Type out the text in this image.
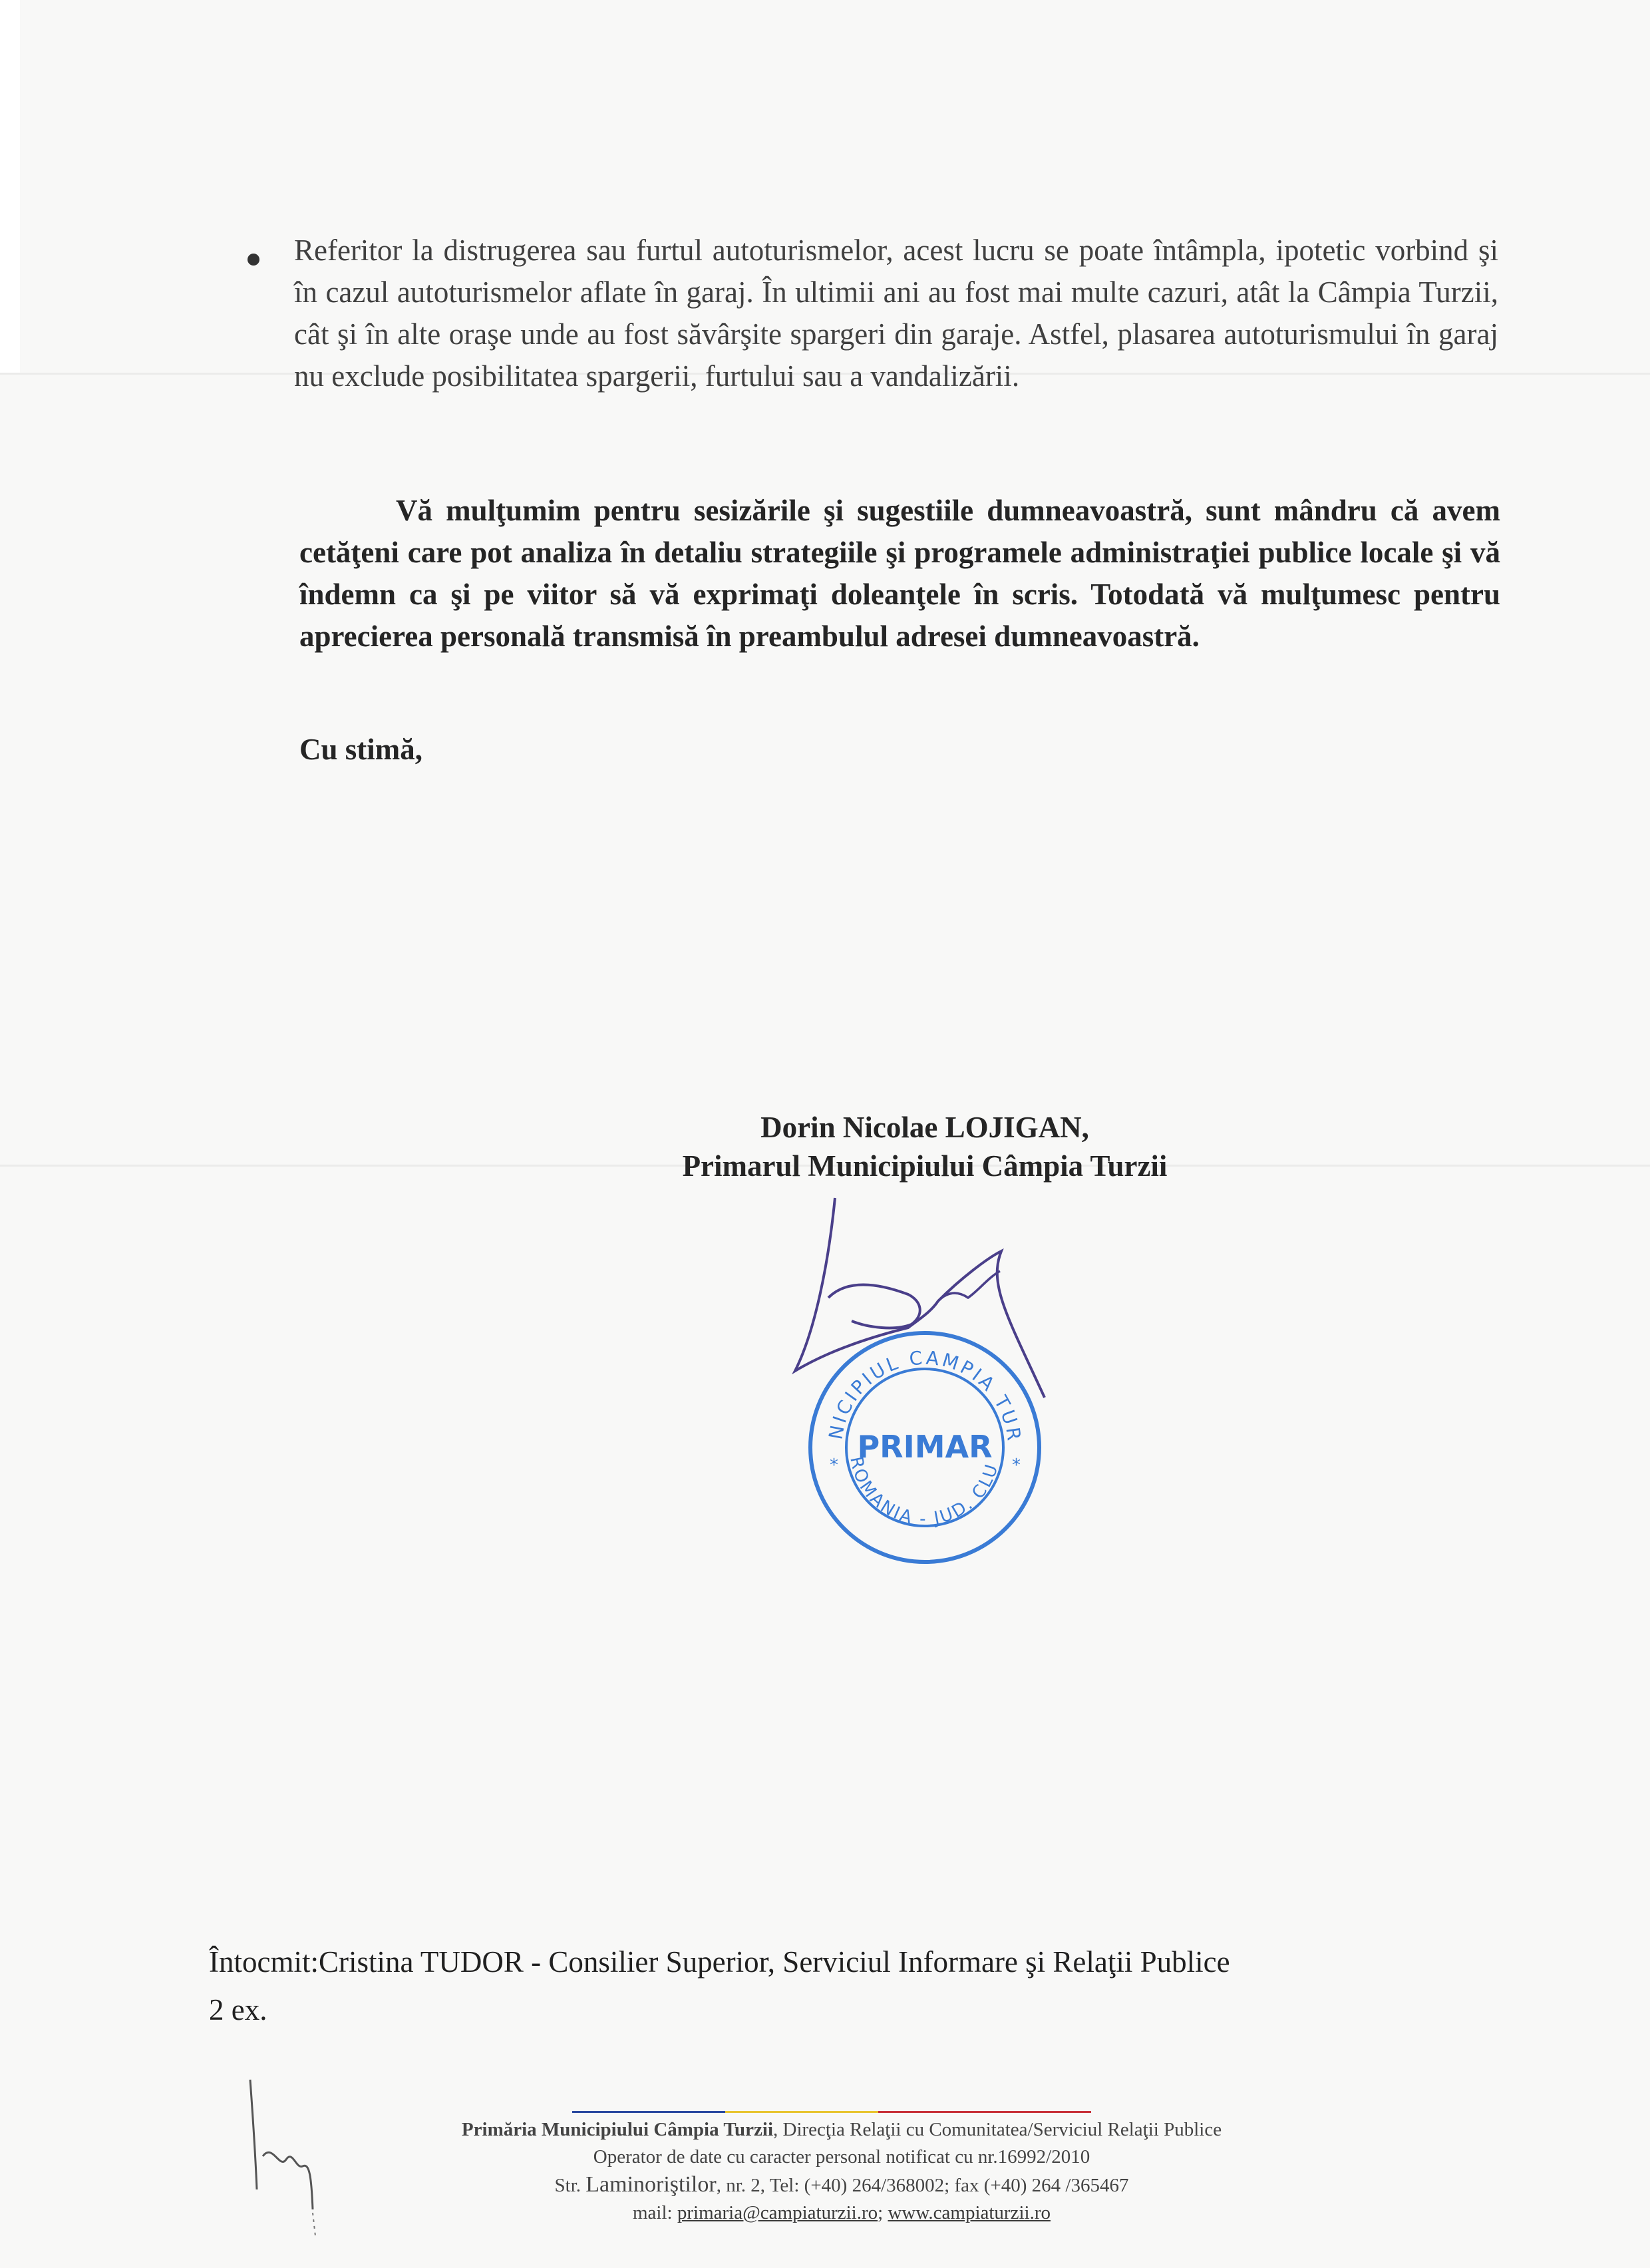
Referitor la distrugerea sau furtul autoturismelor, acest lucru se poate întâmpla, ipotetic vorbind şi în cazul autoturismelor aflate în garaj. În ultimii ani au fost mai multe cazuri, atât la Câmpia Turzii, cât şi în alte oraşe unde au fost săvârşite spargeri din garaje. Astfel, plasarea autoturismului în garaj nu exclude posibilitatea spargerii, furtului sau a vandalizării.
Vă mulţumim pentru sesizările şi sugestiile dumneavoastră, sunt mândru că avem cetăţeni care pot analiza în detaliu strategiile şi programele administraţiei publice locale şi vă îndemn ca şi pe viitor să vă exprimaţi doleanţele în scris. Totodată vă mulţumesc pentru aprecierea personală transmisă în preambulul adresei dumneavoastră.
Cu stimă,
Dorin Nicolae LOJIGAN,
Primarul Municipiului Câmpia Turzii
NICIPIUL CAMPIA TUR
ROMANIA - JUD. CLU
PRIMAR
*	*
Întocmit:Cristina TUDOR - Consilier Superior, Serviciul Informare şi Relaţii Publice
2 ex.
Primăria Municipiului Câmpia Turzii, Direcţia Relaţii cu Comunitatea/Serviciul Relaţii Publice
Operator de date cu caracter personal notificat cu nr.16992/2010
Str. Laminoriştilor, nr. 2, Tel: (+40) 264/368002; fax (+40) 264 /365467
mail: primaria@campiaturzii.ro; www.campiaturzii.ro
